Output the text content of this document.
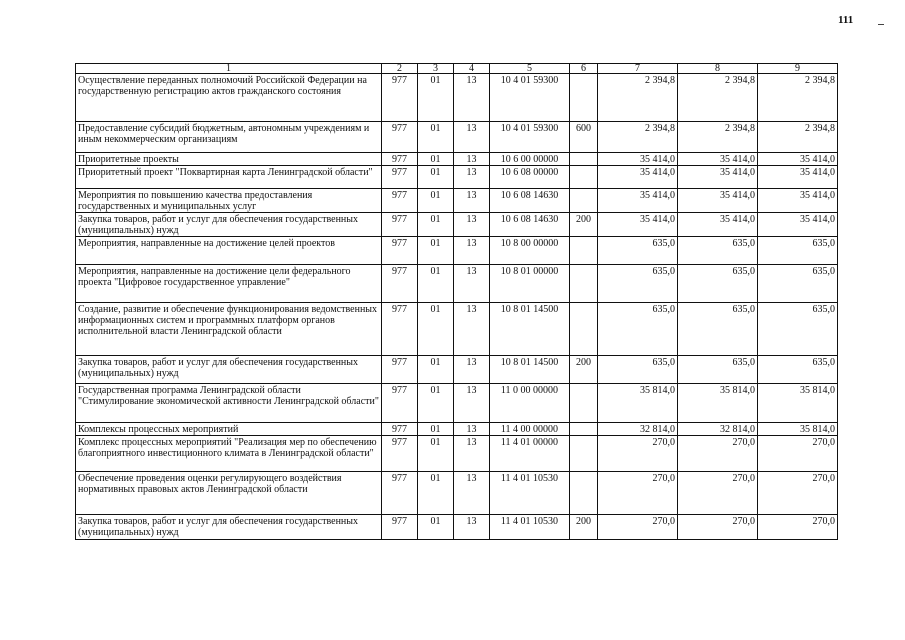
111
1	2	3	4	5	6	7	8	9
Осуществление переданных полномочий Российской Федерации на государственную регистрацию актов гражданского состояния	977	01	13	10 4 01 59300		2 394,8	2 394,8	2 394,8
Предоставление субсидий бюджетным, автономным учреждениям и иным некоммерческим организациям	977	01	13	10 4 01 59300	600	2 394,8	2 394,8	2 394,8
Приоритетные проекты	977	01	13	10 6 00 00000		35 414,0	35 414,0	35 414,0
Приоритетный проект "Поквартирная карта Ленинградской области"	977	01	13	10 6 08 00000		35 414,0	35 414,0	35 414,0
Мероприятия по повышению качества предоставления государственных и муниципальных услуг	977	01	13	10 6 08 14630		35 414,0	35 414,0	35 414,0
Закупка товаров, работ и услуг для обеспечения государственных (муниципальных) нужд	977	01	13	10 6 08 14630	200	35 414,0	35 414,0	35 414,0
Мероприятия, направленные на достижение целей проектов	977	01	13	10 8 00 00000		635,0	635,0	635,0
Мероприятия, направленные на достижение цели федерального проекта "Цифровое государственное управление"	977	01	13	10 8 01 00000		635,0	635,0	635,0
Создание, развитие и обеспечение функционирования ведомственных информационных систем и программных платформ органов исполнительной власти Ленинградской области	977	01	13	10 8 01 14500		635,0	635,0	635,0
Закупка товаров, работ и услуг для обеспечения государственных (муниципальных) нужд	977	01	13	10 8 01 14500	200	635,0	635,0	635,0
Государственная программа Ленинградской области "Стимулирование экономической активности Ленинградской области"	977	01	13	11 0 00 00000		35 814,0	35 814,0	35 814,0
Комплексы процессных мероприятий	977	01	13	11 4 00 00000		32 814,0	32 814,0	35 814,0
Комплекс процессных мероприятий "Реализация мер по обеспечению благоприятного инвестиционного климата в Ленинградской области"	977	01	13	11 4 01 00000		270,0	270,0	270,0
Обеспечение проведения оценки регулирующего воздействия нормативных правовых актов Ленинградской области	977	01	13	11 4 01 10530		270,0	270,0	270,0
Закупка товаров, работ и услуг для обеспечения государственных (муниципальных) нужд	977	01	13	11 4 01 10530	200	270,0	270,0	270,0
